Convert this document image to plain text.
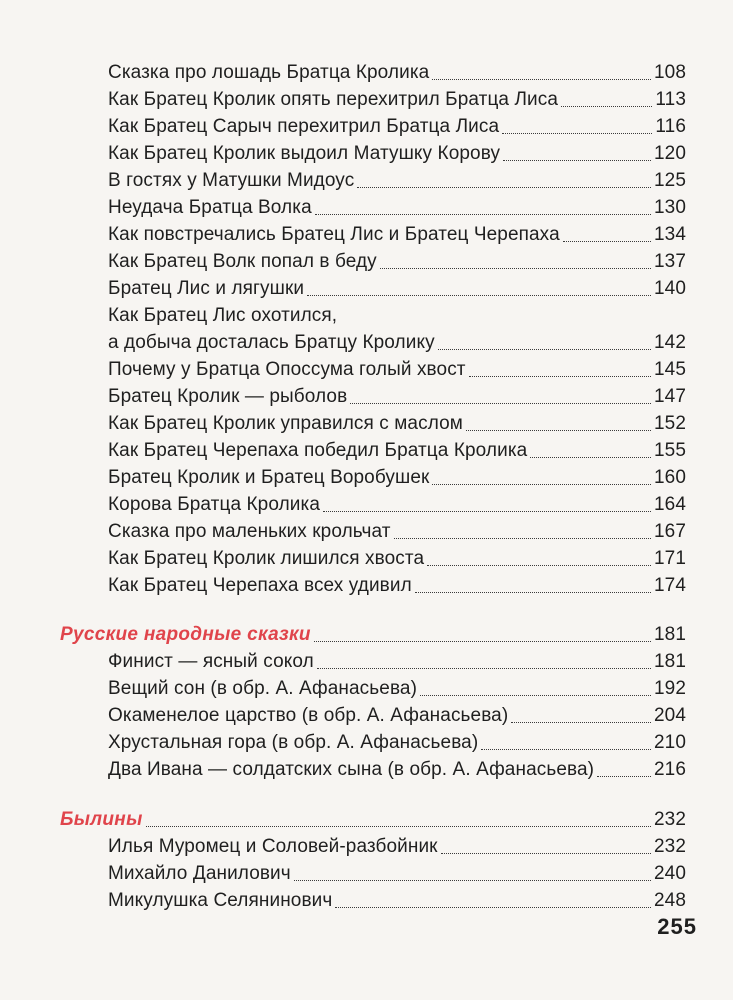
Сказка про лошадь Братца Кролика	108
Как Братец Кролик опять перехитрил Братца Лиса	113
Как Братец Сарыч перехитрил Братца Лиса	116
Как Братец Кролик выдоил Матушку Корову	120
В гостях у Матушки Мидоус	125
Неудача Братца Волка	130
Как повстречались Братец Лис и Братец Черепаха	134
Как Братец Волк попал в беду	137
Братец Лис и лягушки	140
Как Братец Лис охотился,
а добыча досталась Братцу Кролику	142
Почему у Братца Опоссума голый хвост	145
Братец Кролик — рыболов	147
Как Братец Кролик управился с маслом	152
Как Братец Черепаха победил Братца Кролика	155
Братец Кролик и Братец Воробушек	160
Корова Братца Кролика	164
Сказка про маленьких крольчат	167
Как Братец Кролик лишился хвоста	171
Как Братец Черепаха всех удивил	174
Русские народные сказки	181
Финист — ясный сокол	181
Вещий сон (в обр. А. Афанасьева)	192
Окаменелое царство (в обр. А. Афанасьева)	204
Хрустальная гора (в обр. А. Афанасьева)	210
Два Ивана — солдатских сына (в обр. А. Афанасьева)	216
Былины	232
Илья Муромец и Соловей-разбойник	232
Михайло Данилович	240
Микулушка Селянинович	248
255
